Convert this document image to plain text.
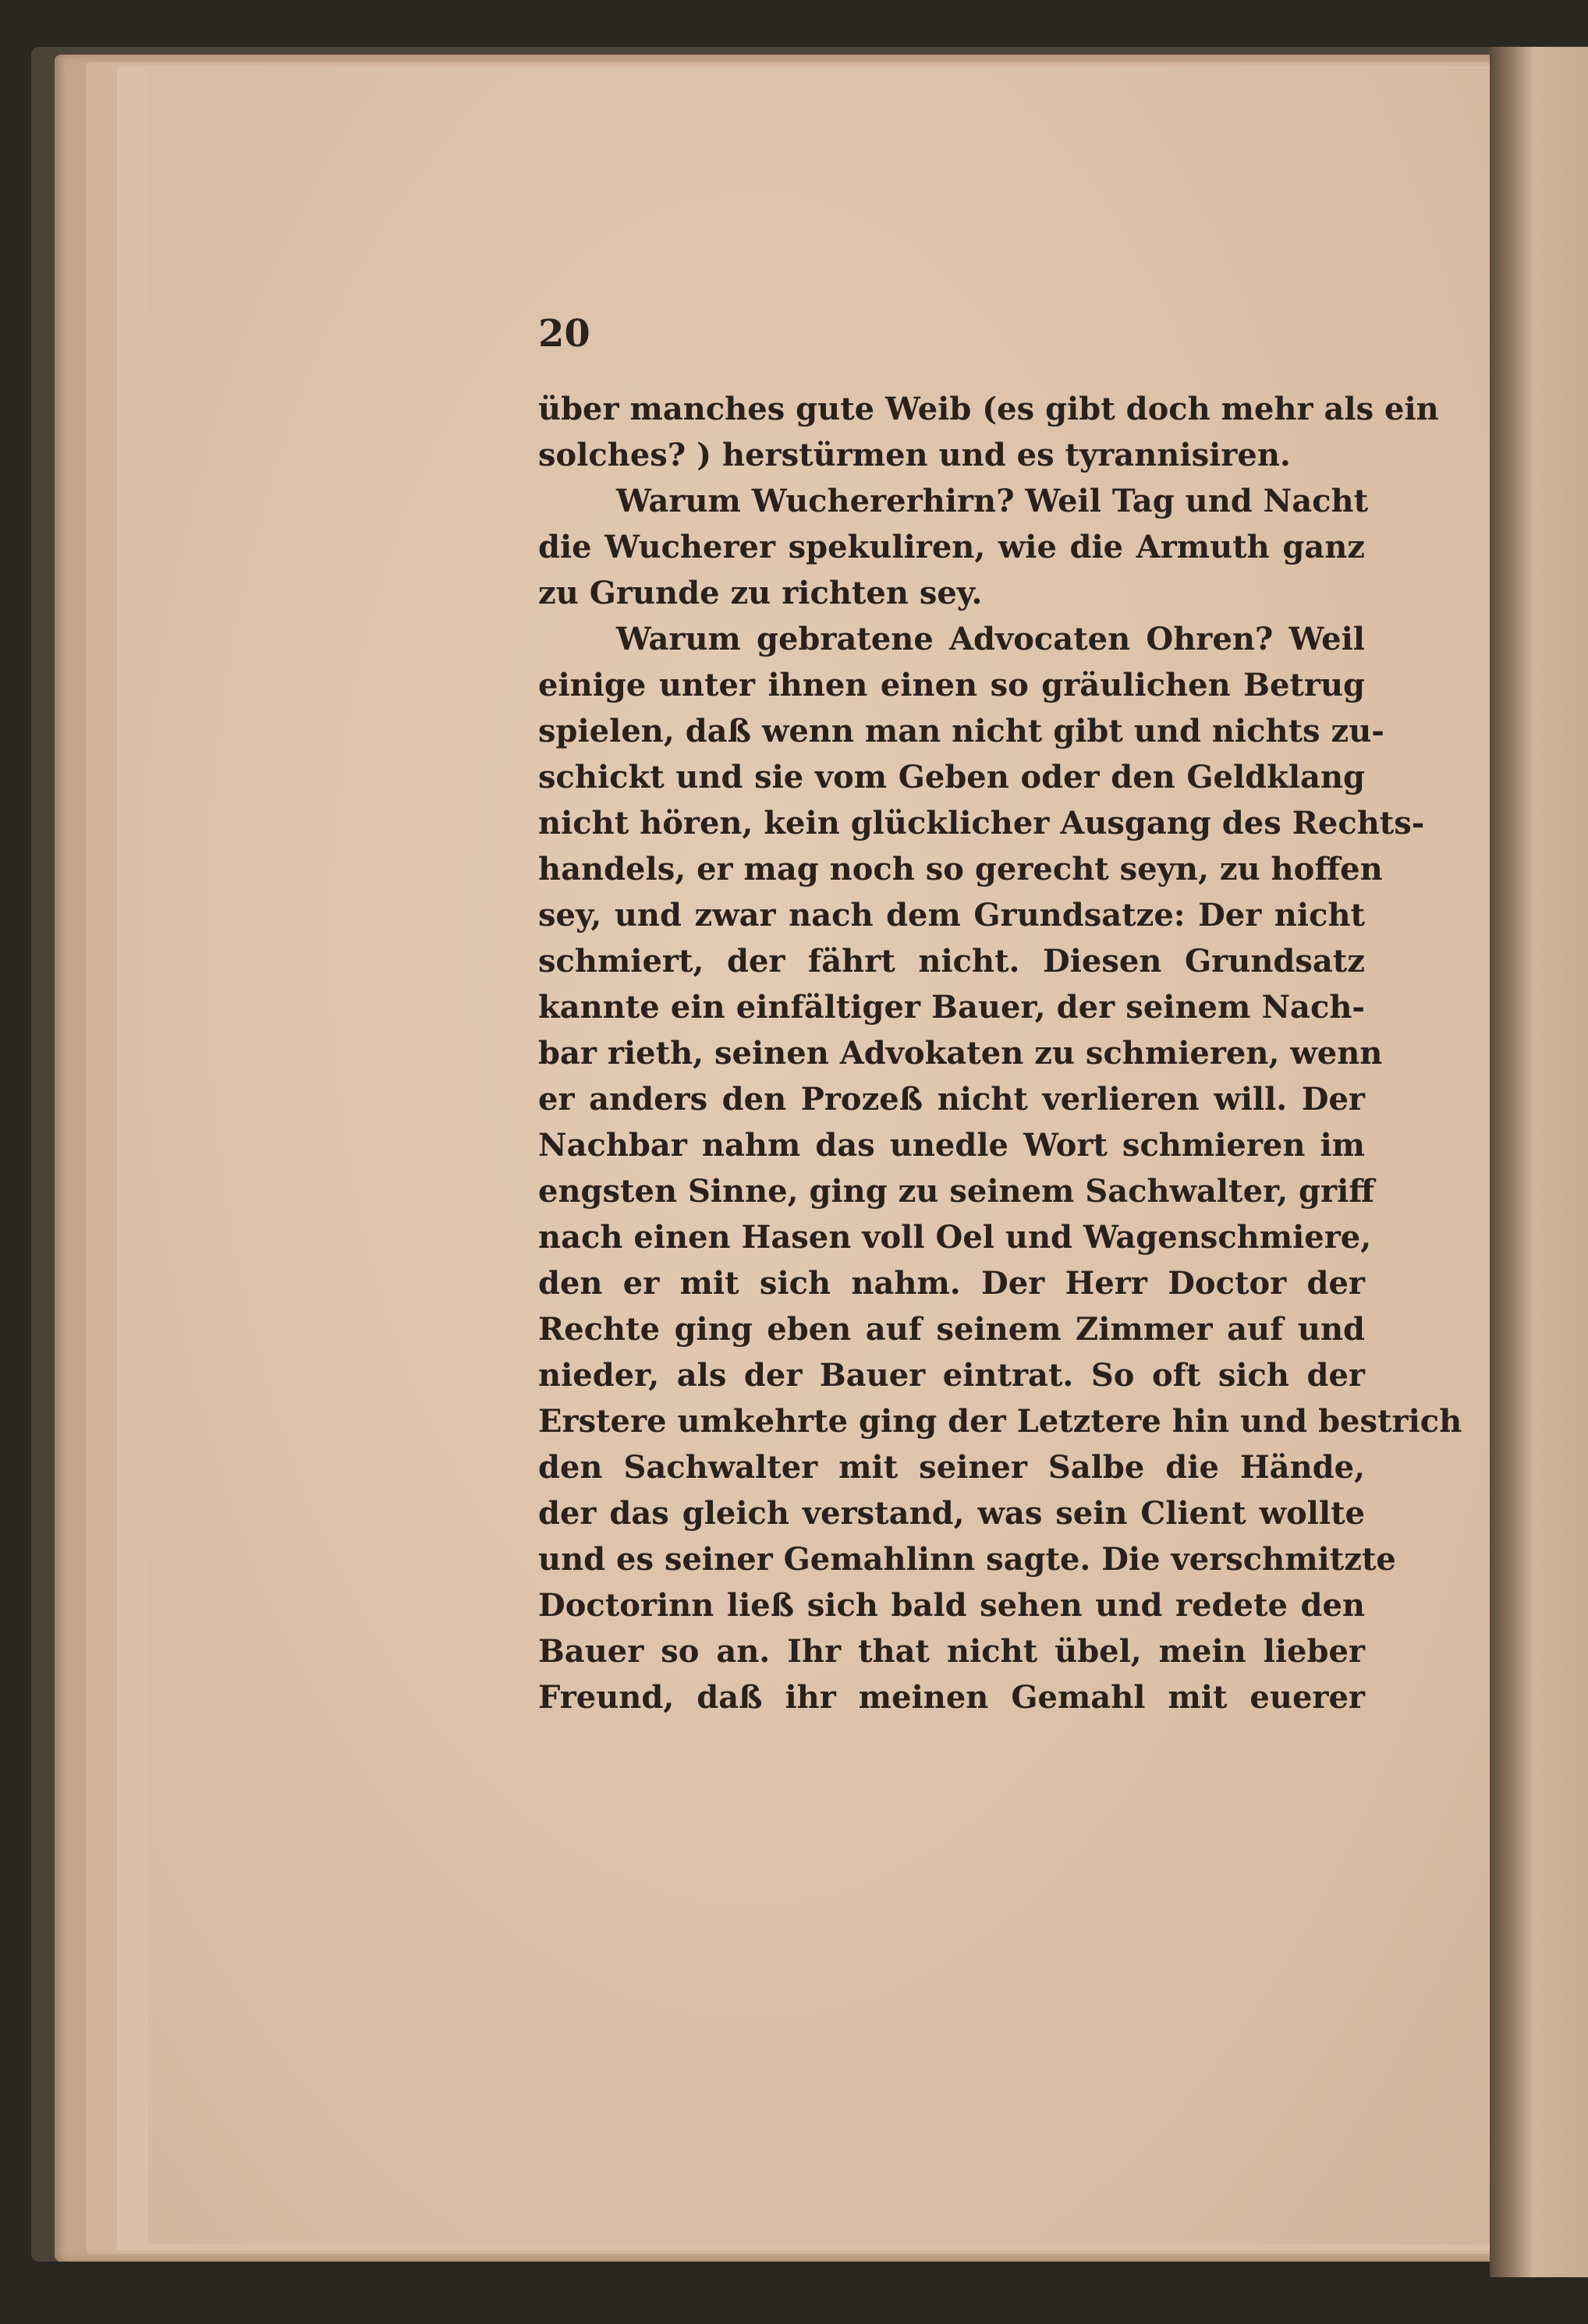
20

über manches gute Weib (es gibt doch mehr als ein
solches? ) herstürmen und es tyrannisiren.
Warum Wuchererhirn? Weil Tag und Nacht
die Wucherer spekuliren, wie die Armuth ganz
zu Grunde zu richten sey.
Warum gebratene Advocaten Ohren? Weil
einige unter ihnen einen so gräulichen Betrug
spielen, daß wenn man nicht gibt und nichts zu-
schickt und sie vom Geben oder den Geldklang
nicht hören, kein glücklicher Ausgang des Rechts-
handels, er mag noch so gerecht seyn, zu hoffen
sey, und zwar nach dem Grundsatze: Der nicht
schmiert, der fährt nicht. Diesen Grundsatz
kannte ein einfältiger Bauer, der seinem Nach-
bar rieth, seinen Advokaten zu schmieren, wenn
er anders den Prozeß nicht verlieren will. Der
Nachbar nahm das unedle Wort schmieren im
engsten Sinne, ging zu seinem Sachwalter, griff
nach einen Hasen voll Oel und Wagenschmiere,
den er mit sich nahm. Der Herr Doctor der
Rechte ging eben auf seinem Zimmer auf und
nieder, als der Bauer eintrat. So oft sich der
Erstere umkehrte ging der Letztere hin und bestrich
den Sachwalter mit seiner Salbe die Hände,
der das gleich verstand, was sein Client wollte
und es seiner Gemahlinn sagte. Die verschmitzte
Doctorinn ließ sich bald sehen und redete den
Bauer so an. Ihr that nicht übel, mein lieber
Freund, daß ihr meinen Gemahl mit euerer
